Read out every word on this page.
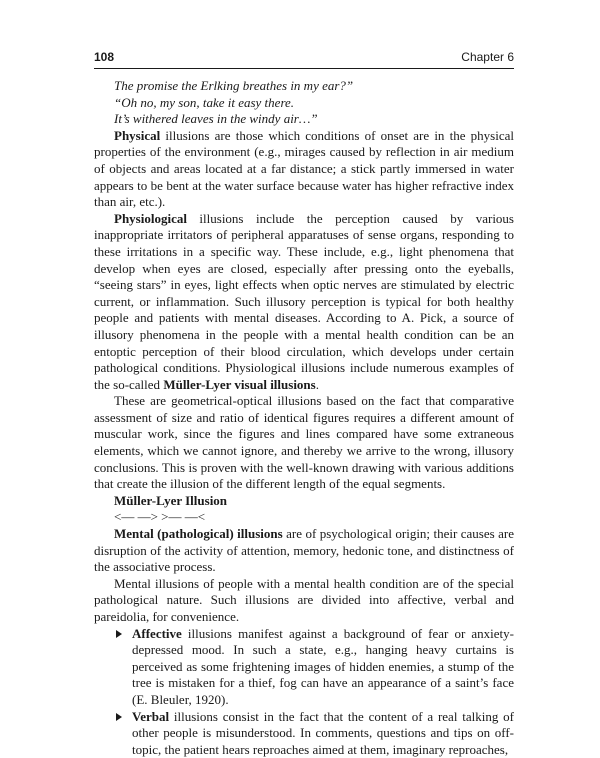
108	Chapter 6

The promise the Erlking breathes in my ear?”

“Oh no, my son, take it easy there.

It’s withered leaves in the windy air…”

Physical illusions are those which conditions of onset are in the physical properties of the environment (e.g., mirages caused by reflection in air medium of objects and areas located at a far distance; a stick partly immersed in water appears to be bent at the water surface because water has higher refractive index than air, etc.).

Physiological illusions include the perception caused by various inappropriate irritators of peripheral apparatuses of sense organs, responding to these irritations in a specific way. These include, e.g., light phenomena that develop when eyes are closed, especially after pressing onto the eyeballs, “seeing stars” in eyes, light effects when optic nerves are stimulated by electric current, or inflammation. Such illusory perception is typical for both healthy people and patients with mental diseases. According to A. Pick, a source of illusory phenomena in the people with a mental health condition can be an entoptic perception of their blood circulation, which develops under certain pathological conditions. Physiological illusions include numerous examples of the so-called Müller-Lyer visual illusions.

These are geometrical-optical illusions based on the fact that comparative assessment of size and ratio of identical figures requires a different amount of muscular work, since the figures and lines compared have some extraneous elements, which we cannot ignore, and thereby we arrive to the wrong, illusory conclusions. This is proven with the well-known drawing with various additions that create the illusion of the different length of the equal segments.

Müller-Lyer Illusion

<— —> >— —<

Mental (pathological) illusions are of psychological origin; their causes are disruption of the activity of attention, memory, hedonic tone, and distinctness of the associative process.

Mental illusions of people with a mental health condition are of the special pathological nature. Such illusions are divided into affective, verbal and pareidolia, for convenience.

Affective illusions manifest against a background of fear or anxiety-depressed mood. In such a state, e.g., hanging heavy curtains is perceived as some frightening images of hidden enemies, a stump of the tree is mistaken for a thief, fog can have an appearance of a saint’s face (E. Bleuler, 1920).

Verbal illusions consist in the fact that the content of a real talking of other people is misunderstood. In comments, questions and tips on off-topic, the patient hears reproaches aimed at them, imaginary reproaches,
